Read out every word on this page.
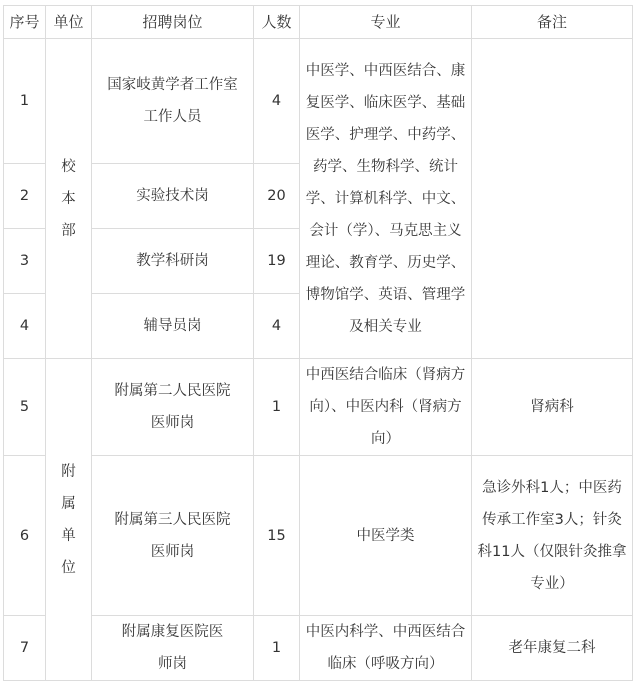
序号	单位	招聘岗位	人数	专业	备注
1	校本部	国家岐黄学者工作室工作人员	4	中医学、中西医结合、康复医学、临床医学、基础医学、护理学、中药学、药学、生物科学、统计学、计算机科学、中文、会计（学）、马克思主义理论、教育学、历史学、博物馆学、英语、管理学及相关专业	

2		实验技术岗	20		
3		教学科研岗	19		
4		辅导员岗	4		
5	附属单位	附属第二人民医院医师岗	1	中西医结合临床（肾病方向）、中医内科（肾病方向）	肾病科
6		附属第三人民医院医师岗	15	中医学类	急诊外科1人；中医药传承工作室3人；针灸科11人（仅限针灸推拿专业）

7		附属康复医院医师岗	1	中医内科学、中西医结合临床（呼吸方向）	老年康复二科
